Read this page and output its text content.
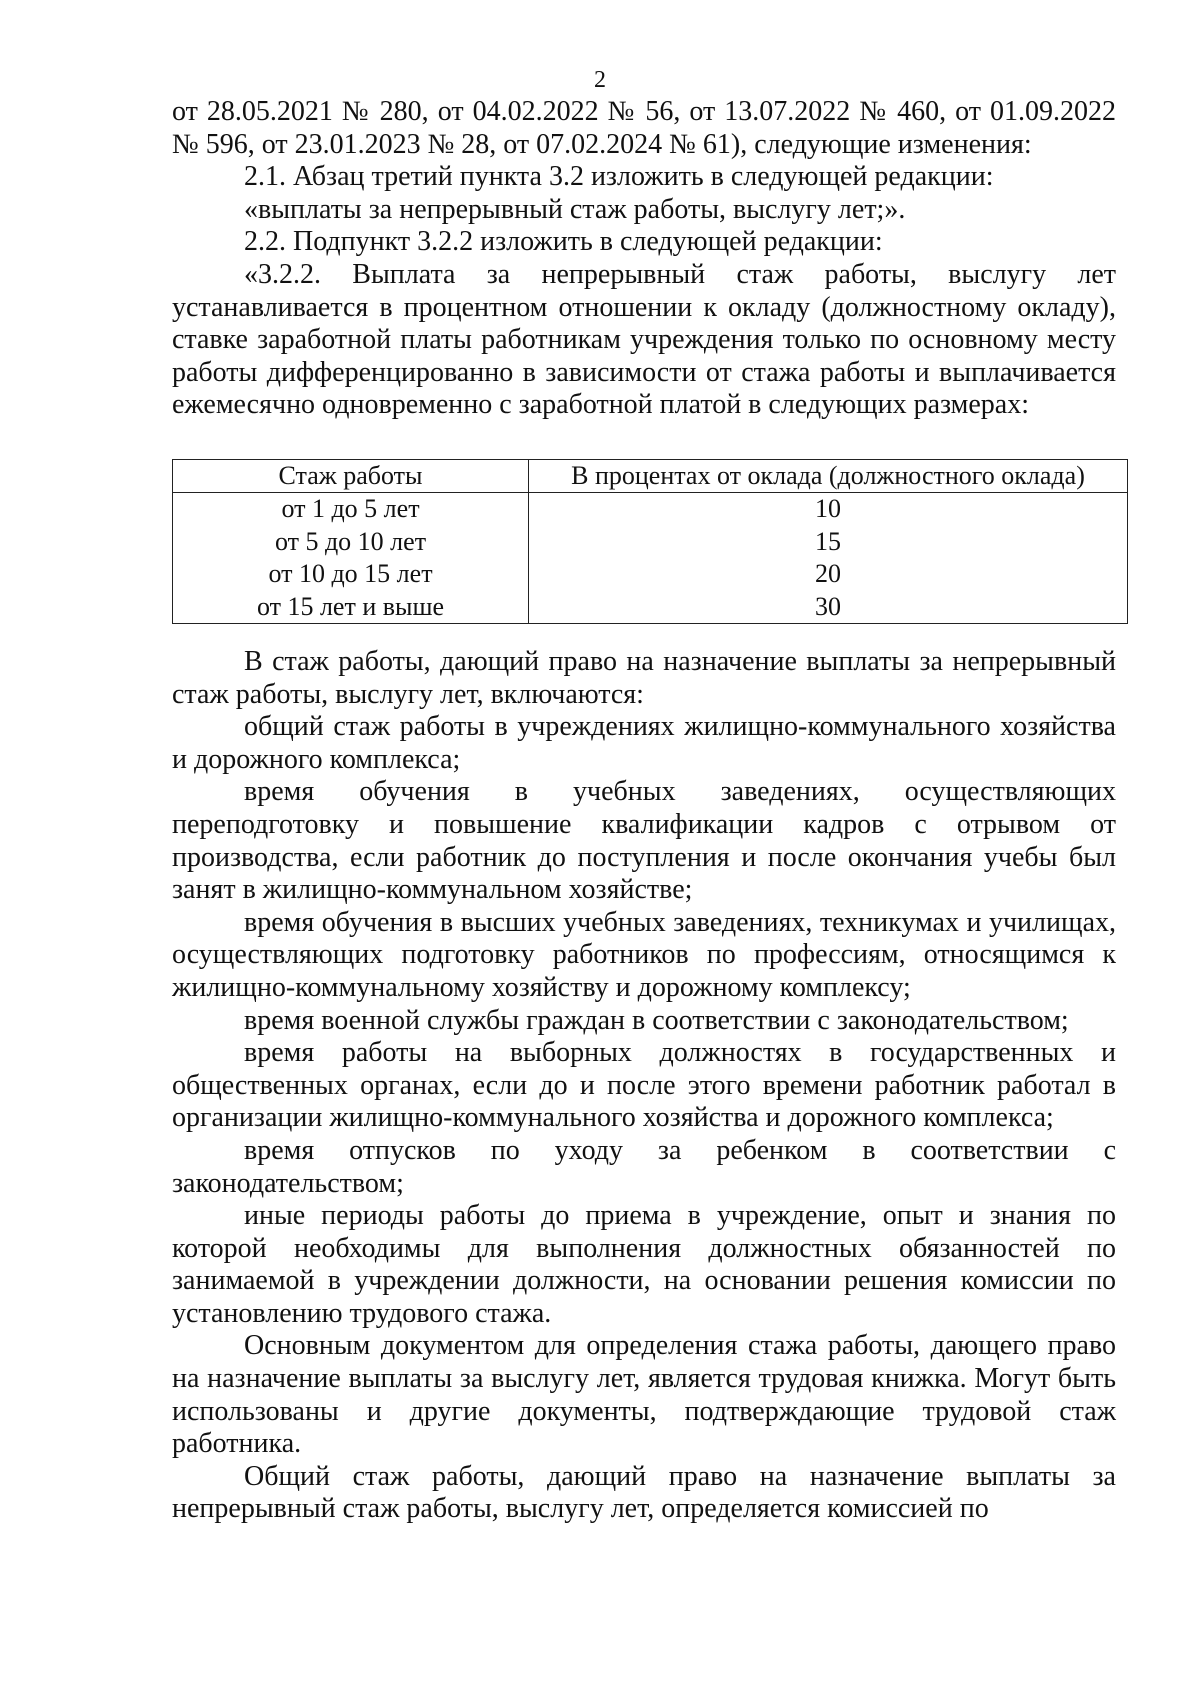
2

от 28.05.2021 № 280, от 04.02.2022 № 56, от 13.07.2022 № 460, от 01.09.2022 № 596, от 23.01.2023 № 28, от 07.02.2024 № 61), следующие изменения:

2.1. Абзац третий пункта 3.2 изложить в следующей редакции:

«выплаты за непрерывный стаж работы, выслугу лет;».

2.2. Подпункт 3.2.2 изложить в следующей редакции:

«3.2.2. Выплата за непрерывный стаж работы, выслугу лет устанавливается в процентном отношении к окладу (должностному окладу), ставке заработной платы работникам учреждения только по основному месту работы дифференцированно в зависимости от стажа работы и выплачивается ежемесячно одновременно с заработной платой в следующих размерах:

Стаж работы	В процентах от оклада (должностного оклада)
от 1 до 5 лет	10
от 5 до 10 лет	15
от 10 до 15 лет	20
от 15 лет и выше	30

В стаж работы, дающий право на назначение выплаты за непрерывный стаж работы, выслугу лет, включаются:

общий стаж работы в учреждениях жилищно-коммунального хозяйства и дорожного комплекса;

время обучения в учебных заведениях, осуществляющих переподготовку и повышение квалификации кадров с отрывом от производства, если работник до поступления и после окончания учебы был занят в жилищно-коммунальном хозяйстве;

время обучения в высших учебных заведениях, техникумах и училищах, осуществляющих подготовку работников по профессиям, относящимся к жилищно-коммунальному хозяйству и дорожному комплексу;

время военной службы граждан в соответствии с законодательством;

время работы на выборных должностях в государственных и общественных органах, если до и после этого времени работник работал в организации жилищно-коммунального хозяйства и дорожного комплекса;

время отпусков по уходу за ребенком в соответствии с законодательством;

иные периоды работы до приема в учреждение, опыт и знания по которой необходимы для выполнения должностных обязанностей по занимаемой в учреждении должности, на основании решения комиссии по установлению трудового стажа.

Основным документом для определения стажа работы, дающего право на назначение выплаты за выслугу лет, является трудовая книжка. Могут быть использованы и другие документы, подтверждающие трудовой стаж работника.

Общий стаж работы, дающий право на назначение выплаты за непрерывный стаж работы, выслугу лет, определяется комиссией по
